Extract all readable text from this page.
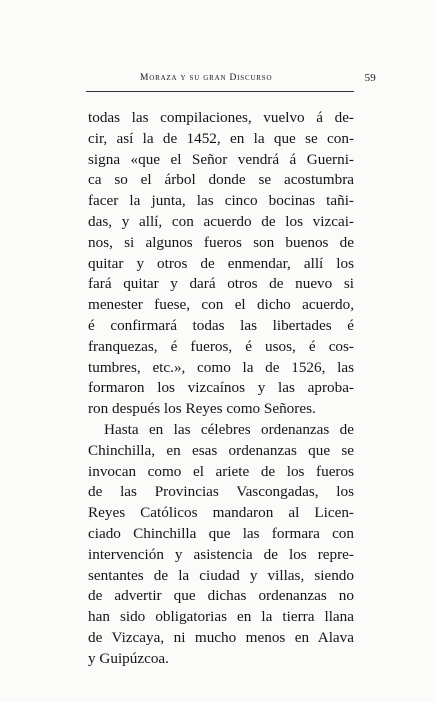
Moraza y su gran Discurso	59
todas las compilaciones, vuelvo á de-
cir, así la de 1452, en la que se con-
signa «que el Señor vendrá á Guerni-
ca so el árbol donde se acostumbra
facer la junta, las cinco bocinas tañi-
das, y allí, con acuerdo de los vizcai-
nos, si algunos fueros son buenos de
quitar y otros de enmendar, allí los
fará quitar y dará otros de nuevo si
menester fuese, con el dicho acuerdo,
é confirmará todas las libertades é
franquezas, é fueros, é usos, é cos-
tumbres, etc.», como la de 1526, las
formaron los vizcaínos y las aproba-
ron después los Reyes como Señores.
Hasta en las célebres ordenanzas de
Chinchilla, en esas ordenanzas que se
invocan como el ariete de los fueros
de las Provincias Vascongadas, los
Reyes Católicos mandaron al Licen-
ciado Chinchilla que las formara con
intervención y asistencia de los repre-
sentantes de la ciudad y villas, siendo
de advertir que dichas ordenanzas no
han sido obligatorias en la tierra llana
de Vizcaya, ni mucho menos en Alava
y Guipúzcoa.
